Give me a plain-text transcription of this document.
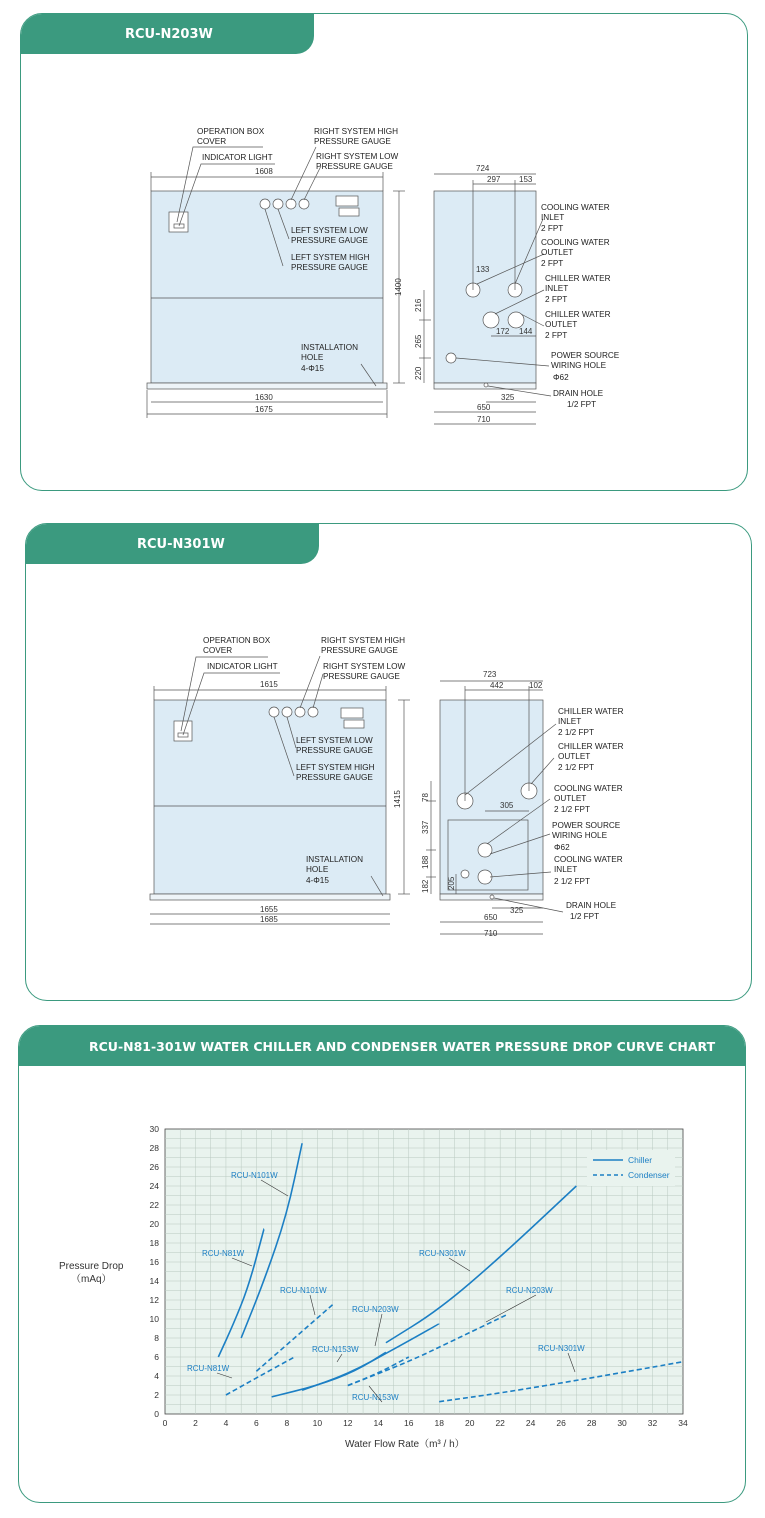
RCU-N203W
OPERATION BOX
COVER
INDICATOR LIGHT
RIGHT SYSTEM HIGH
PRESSURE GAUGE
RIGHT SYSTEM LOW
PRESSURE GAUGE
LEFT SYSTEM LOW
PRESSURE GAUGE
LEFT SYSTEM HIGH
PRESSURE GAUGE
INSTALLATION
HOLE
4-Φ15
1608
1400
1630
1675
724
297 153
133
216
265
220
172 144
325
650
710
COOLING WATER
INLET
2 FPT
COOLING WATER
OUTLET
2 FPT
CHILLER WATER
INLET
2 FPT
CHILLER WATER
OUTLET
2 FPT
POWER SOURCE
WIRING HOLE
Φ62
DRAIN HOLE
1/2 FPT
RCU-N301W
OPERATION BOX
COVER
INDICATOR LIGHT
RIGHT SYSTEM HIGH
PRESSURE GAUGE
RIGHT SYSTEM LOW
PRESSURE GAUGE
LEFT SYSTEM LOW
PRESSURE GAUGE
LEFT SYSTEM HIGH
PRESSURE GAUGE
INSTALLATION
HOLE
4-Φ15
1615
1415
1655
1685
723
442	102
78
305
337
188
182 205
325
650
710
CHILLER WATER
INLET
2 1/2 FPT
CHILLER WATER
OUTLET
2 1/2 FPT
COOLING WATER
OUTLET
2 1/2 FPT
POWER SOURCE
WIRING HOLE
Φ62
COOLING WATER
INLET
2 1/2 FPT
DRAIN HOLE
1/2 FPT
RCU-N81-301W WATER CHILLER AND CONDENSER WATER PRESSURE DROP CURVE CHART
0	2	4	6	8	10 12 14 16 18 20 22 24 26 28 30 32 34
0
2
4
6
8
10
12
14
16
18
20
22
24
26
28
30
RCU-N101W
RCU-N81W
RCU-N101W
RCU-N81W
RCU-N153W
RCU-N203W
RCU-N153W
RCU-N301W
RCU-N203W
RCU-N301W
Pressure Drop
（mAq）
Water Flow Rate（m³ / h）
Chiller
Condenser
